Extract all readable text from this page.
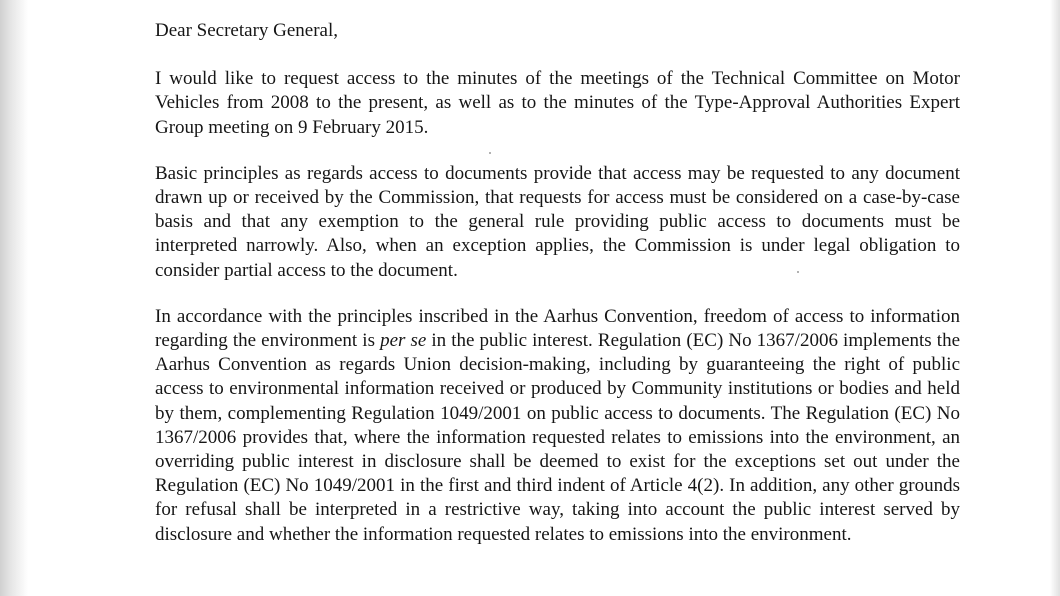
Dear Secretary General,

I would like to request access to the minutes of the meetings of the Technical Committee on Motor Vehicles from 2008 to the present, as well as to the minutes of the Type-Approval Authorities Expert Group meeting on 9 February 2015.

Basic principles as regards access to documents provide that access may be requested to any document drawn up or received by the Commission, that requests for access must be considered on a case-by-case basis and that any exemption to the general rule providing public access to documents must be interpreted narrowly. Also, when an exception applies, the Commission is under legal obligation to consider partial access to the document.

In accordance with the principles inscribed in the Aarhus Convention, freedom of access to information regarding the environment is per se in the public interest. Regulation (EC) No 1367/2006 implements the Aarhus Convention as regards Union decision-making, including by guaranteeing the right of public access to environmental information received or produced by Community institutions or bodies and held by them, complementing Regulation 1049/2001 on public access to documents. The Regulation (EC) No 1367/2006 provides that, where the information requested relates to emissions into the environment, an overriding public interest in disclosure shall be deemed to exist for the exceptions set out under the Regulation (EC) No 1049/2001 in the first and third indent of Article 4(2). In addition, any other grounds for refusal shall be interpreted in a restrictive way, taking into account the public interest served by disclosure and whether the information requested relates to emissions into the environment.
